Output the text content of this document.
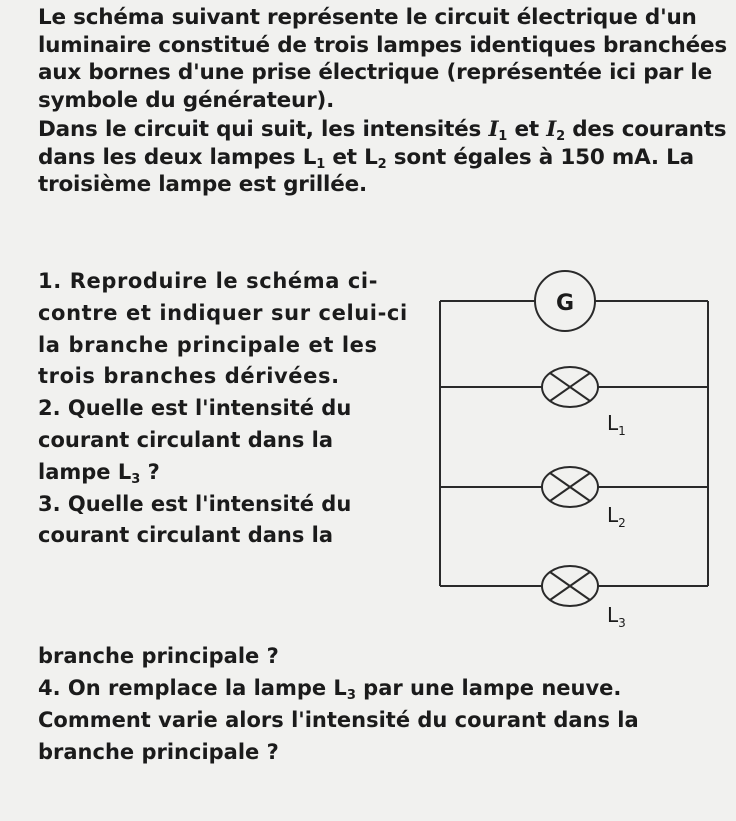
Le schéma suivant représente le circuit électrique d'un luminaire constitué de trois lampes identiques branchées aux bornes d'une prise électrique (représentée ici par le symbole du générateur).

Dans le circuit qui suit, les intensités $I_1$ et $I_2$ des courants dans les deux lampes $L_1$ et $L_2$ sont égales à 150 mA. La troisième lampe est grillée.

1. Reproduire le schéma ci-contre et indiquer sur celui-ci la branche principale et les trois branches dérivées.

2. Quelle est l'intensité du courant circulant dans la lampe $L_3$ ?

3. Quelle est l'intensité du courant circulant dans la

branche principale ?

4. On remplace la lampe $L_3$ par une lampe neuve. Comment varie alors l'intensité du courant dans la branche principale ?

G
$L_1$
$L_2$
$L_3$
